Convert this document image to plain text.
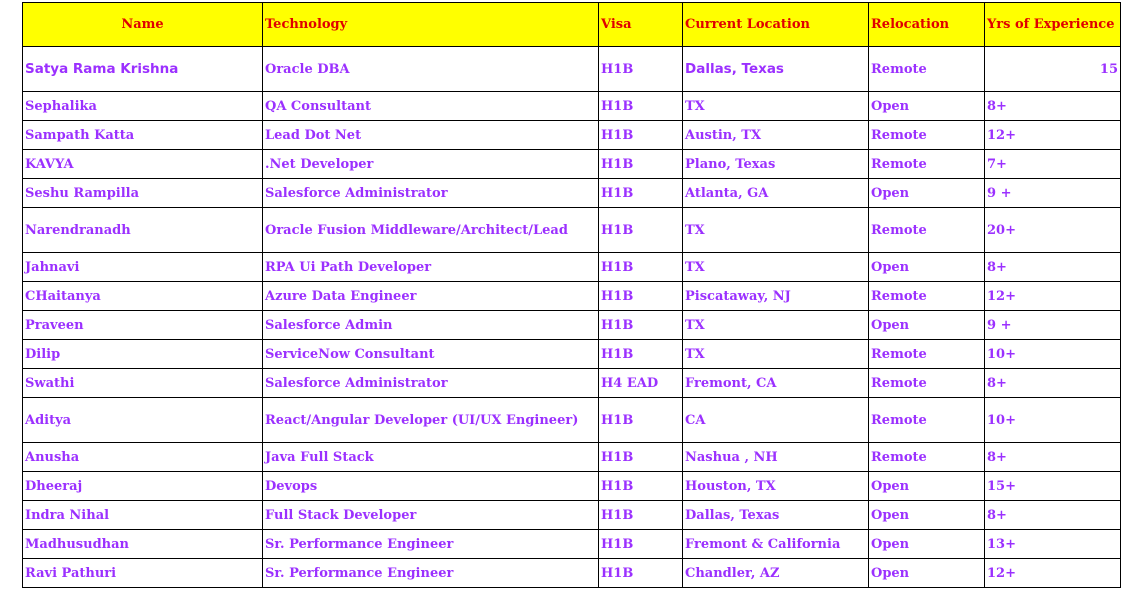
Name	Technology	Visa	Current Location	Relocation	Yrs of Experience
Satya Rama Krishna	Oracle DBA	H1B	Dallas, Texas	Remote	15
Sephalika	QA Consultant	H1B	TX	Open	8+
Sampath Katta	Lead Dot Net	H1B	Austin, TX	Remote	12+
KAVYA	.Net Developer	H1B	Plano, Texas	Remote	7+
Seshu Rampilla	Salesforce Administrator	H1B	Atlanta, GA	Open	9 +
Narendranadh	Oracle Fusion Middleware/Architect/Lead	H1B	TX	Remote	20+
Jahnavi	RPA Ui Path Developer	H1B	TX	Open	8+
CHaitanya	Azure Data Engineer	H1B	Piscataway, NJ	Remote	12+
Praveen	Salesforce Admin	H1B	TX	Open	9 +
Dilip	ServiceNow Consultant	H1B	TX	Remote	10+
Swathi	Salesforce Administrator	H4 EAD	Fremont, CA	Remote	8+
Aditya	React/Angular Developer (UI/UX Engineer)	H1B	CA	Remote	10+
Anusha	Java Full Stack	H1B	Nashua , NH	Remote	8+
Dheeraj	Devops	H1B	Houston, TX	Open	15+
Indra Nihal	Full Stack Developer	H1B	Dallas, Texas	Open	8+
Madhusudhan	Sr. Performance Engineer	H1B	Fremont & California	Open	13+
Ravi Pathuri	Sr. Performance Engineer	H1B	Chandler, AZ	Open	12+
